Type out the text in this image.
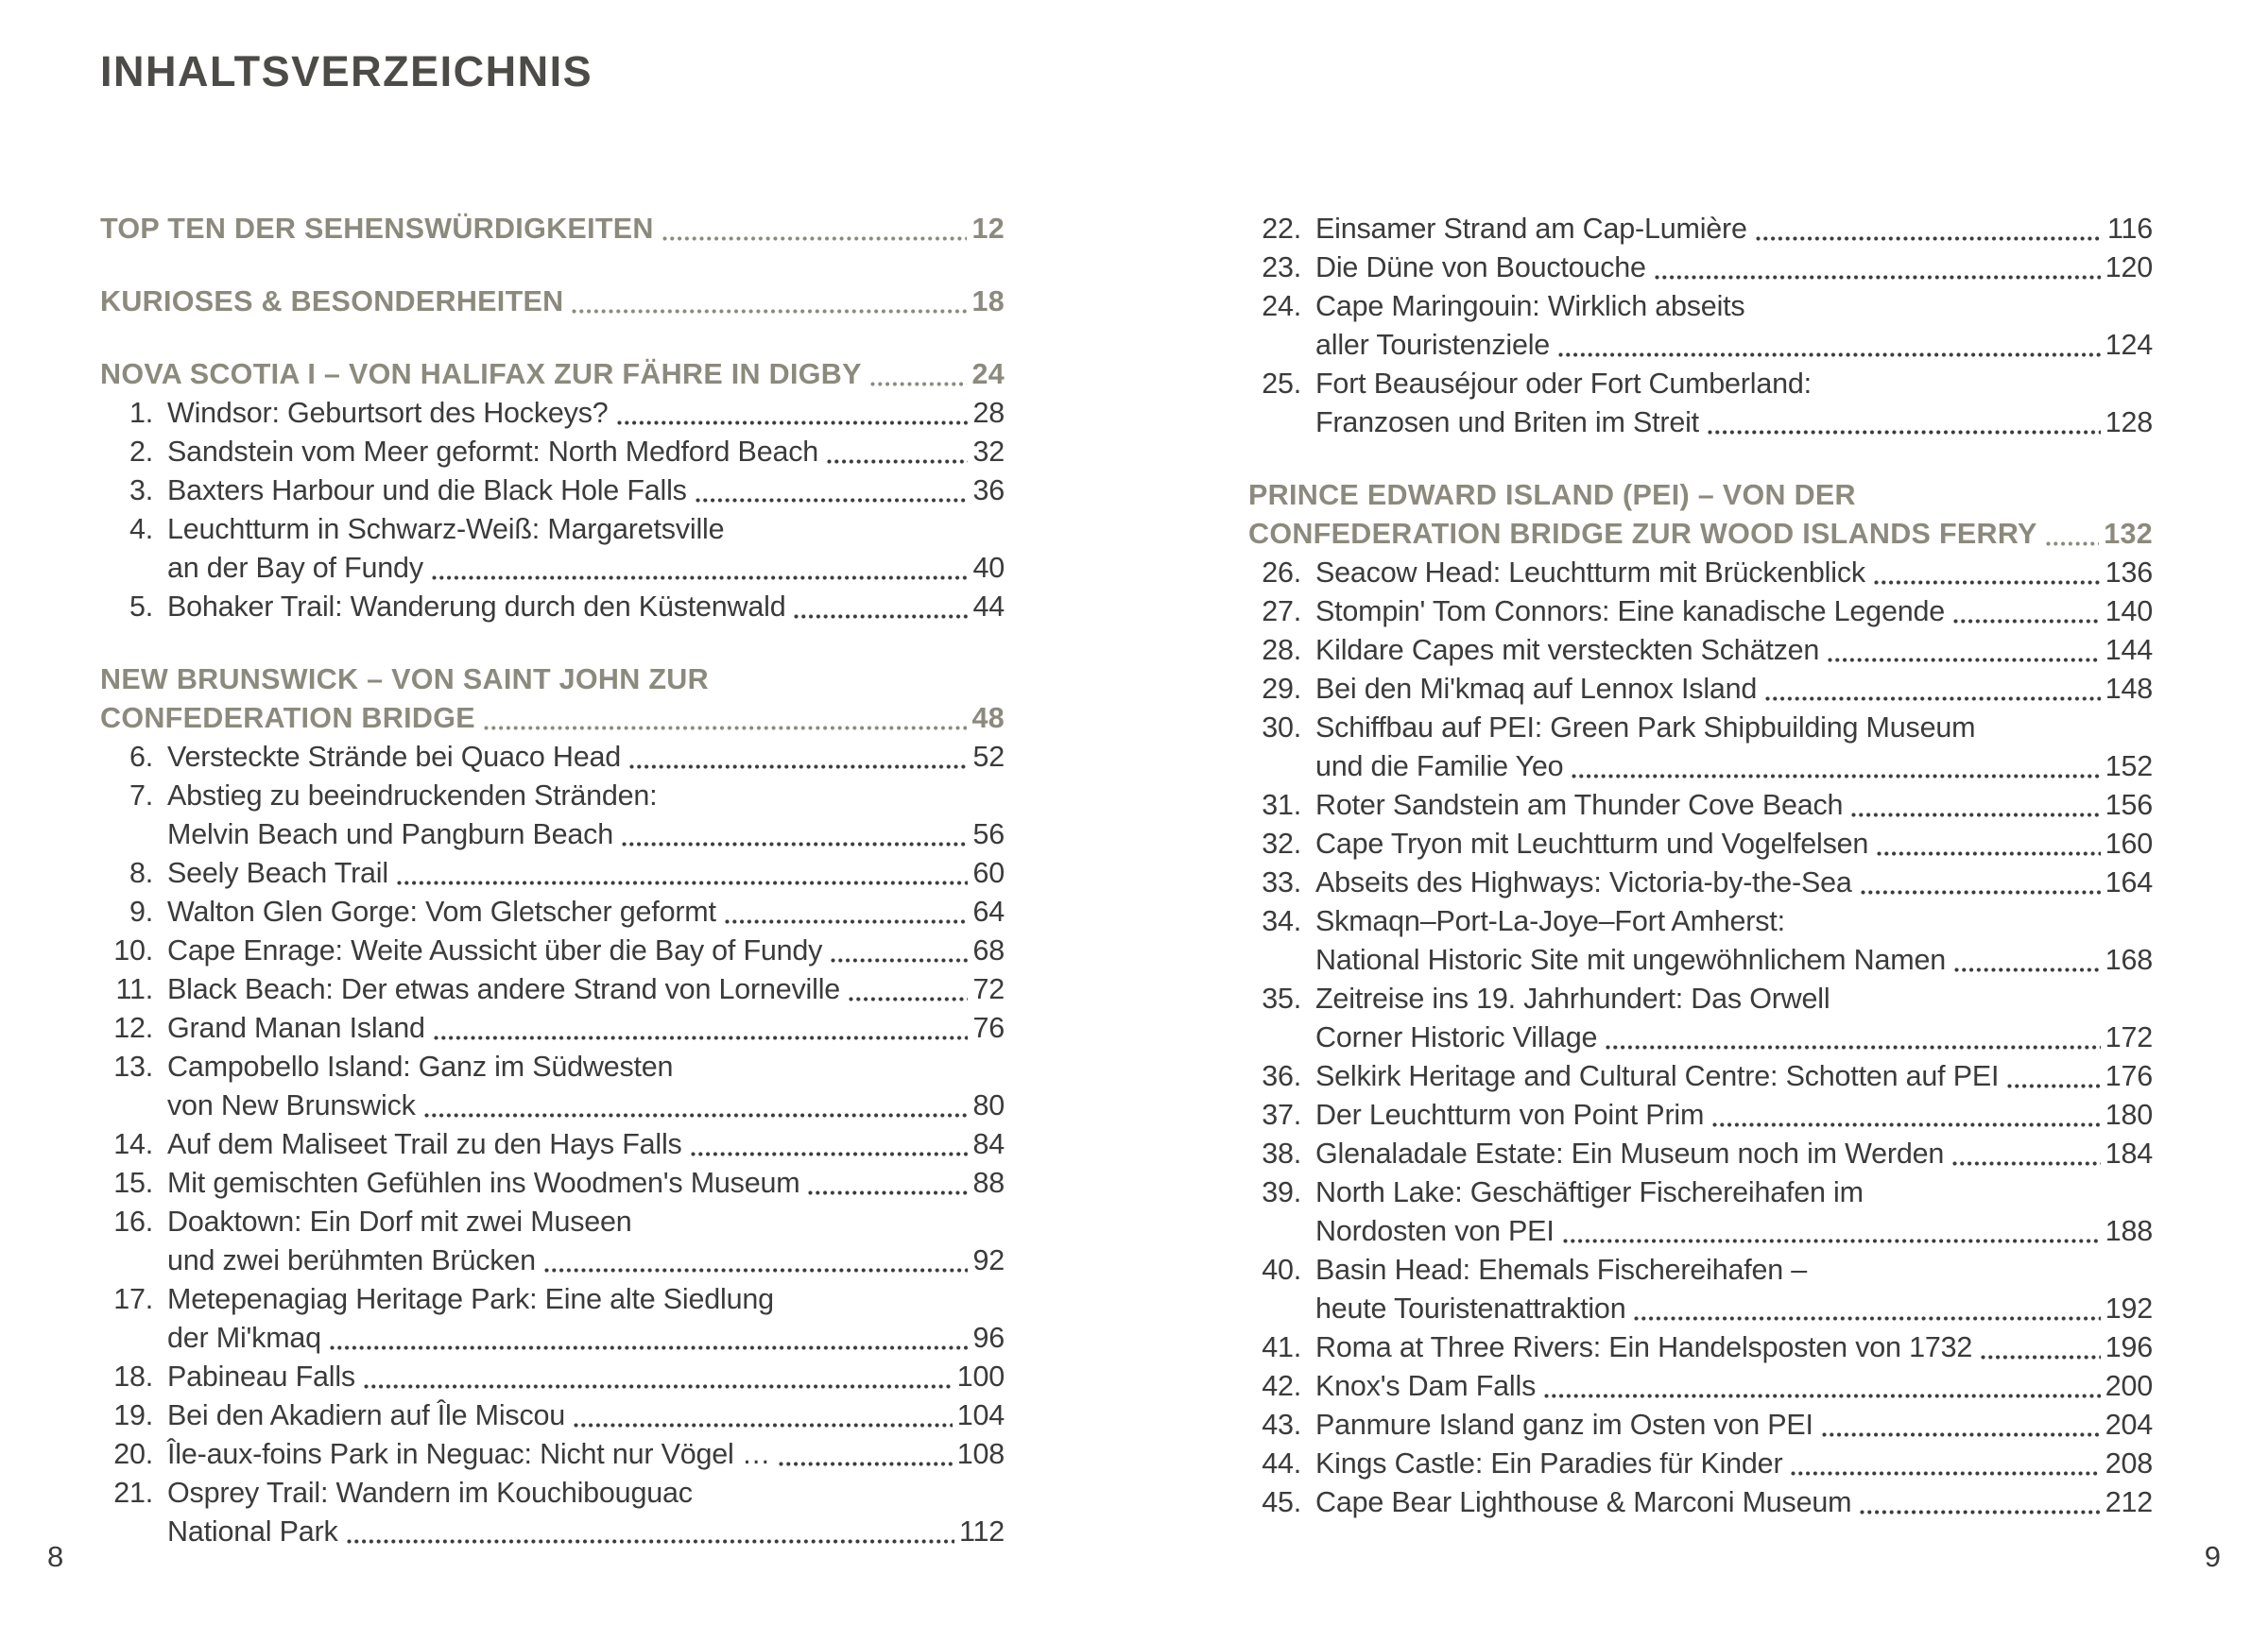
INHALTSVERZEICHNIS
TOP TEN DER SEHENSWÜRDIGKEITEN	12
KURIOSES & BESONDERHEITEN	18
NOVA SCOTIA I – VON HALIFAX ZUR FÄHRE IN DIGBY	24
1. Windsor: Geburtsort des Hockeys?	28
2. Sandstein vom Meer geformt: North Medford Beach	32
3. Baxters Harbour und die Black Hole Falls	36
4. Leuchtturm in Schwarz-Weiß: Margaretsville
an der Bay of Fundy	40
5. Bohaker Trail: Wanderung durch den Küstenwald	44
NEW BRUNSWICK – VON SAINT JOHN ZUR
CONFEDERATION BRIDGE	48
6. Versteckte Strände bei Quaco Head	52
7. Abstieg zu beeindruckenden Stränden:
Melvin Beach und Pangburn Beach	56
8. Seely Beach Trail	60
9. Walton Glen Gorge: Vom Gletscher geformt	64
10. Cape Enrage: Weite Aussicht über die Bay of Fundy	68
11. Black Beach: Der etwas andere Strand von Lorneville	72
12. Grand Manan Island	76
13. Campobello Island: Ganz im Südwesten
von New Brunswick	80
14. Auf dem Maliseet Trail zu den Hays Falls	84
15. Mit gemischten Gefühlen ins Woodmen's Museum	88
16. Doaktown: Ein Dorf mit zwei Museen
und zwei berühmten Brücken	92
17. Metepenagiag Heritage Park: Eine alte Siedlung
der Mi'kmaq	96
18. Pabineau Falls	100
19. Bei den Akadiern auf Île Miscou	104
20. Île-aux-foins Park in Neguac: Nicht nur Vögel …	108
21. Osprey Trail: Wandern im Kouchibouguac
National Park	112
22. Einsamer Strand am Cap-Lumière	116
23. Die Düne von Bouctouche	120
24. Cape Maringouin: Wirklich abseits
aller Touristenziele	124
25. Fort Beauséjour oder Fort Cumberland:
Franzosen und Briten im Streit	128
PRINCE EDWARD ISLAND (PEI) – VON DER
CONFEDERATION BRIDGE ZUR WOOD ISLANDS FERRY 132
26. Seacow Head: Leuchtturm mit Brückenblick	136
27. Stompin' Tom Connors: Eine kanadische Legende	140
28. Kildare Capes mit versteckten Schätzen	144
29. Bei den Mi'kmaq auf Lennox Island	148
30. Schiffbau auf PEI: Green Park Shipbuilding Museum
und die Familie Yeo	152
31. Roter Sandstein am Thunder Cove Beach	156
32. Cape Tryon mit Leuchtturm und Vogelfelsen	160
33. Abseits des Highways: Victoria-by-the-Sea	164
34. Skmaqn–Port-La-Joye–Fort Amherst:
National Historic Site mit ungewöhnlichem Namen	168
35. Zeitreise ins 19. Jahrhundert: Das Orwell
Corner Historic Village	172
36. Selkirk Heritage and Cultural Centre: Schotten auf PEI	176
37. Der Leuchtturm von Point Prim	180
38. Glenaladale Estate: Ein Museum noch im Werden	184
39. North Lake: Geschäftiger Fischereihafen im
Nordosten von PEI	188
40. Basin Head: Ehemals Fischereihafen –
heute Touristenattraktion	192
41. Roma at Three Rivers: Ein Handelsposten von 1732	196
42. Knox's Dam Falls	200
43. Panmure Island ganz im Osten von PEI	204
44. Kings Castle: Ein Paradies für Kinder	208
45. Cape Bear Lighthouse & Marconi Museum	212
8	9
